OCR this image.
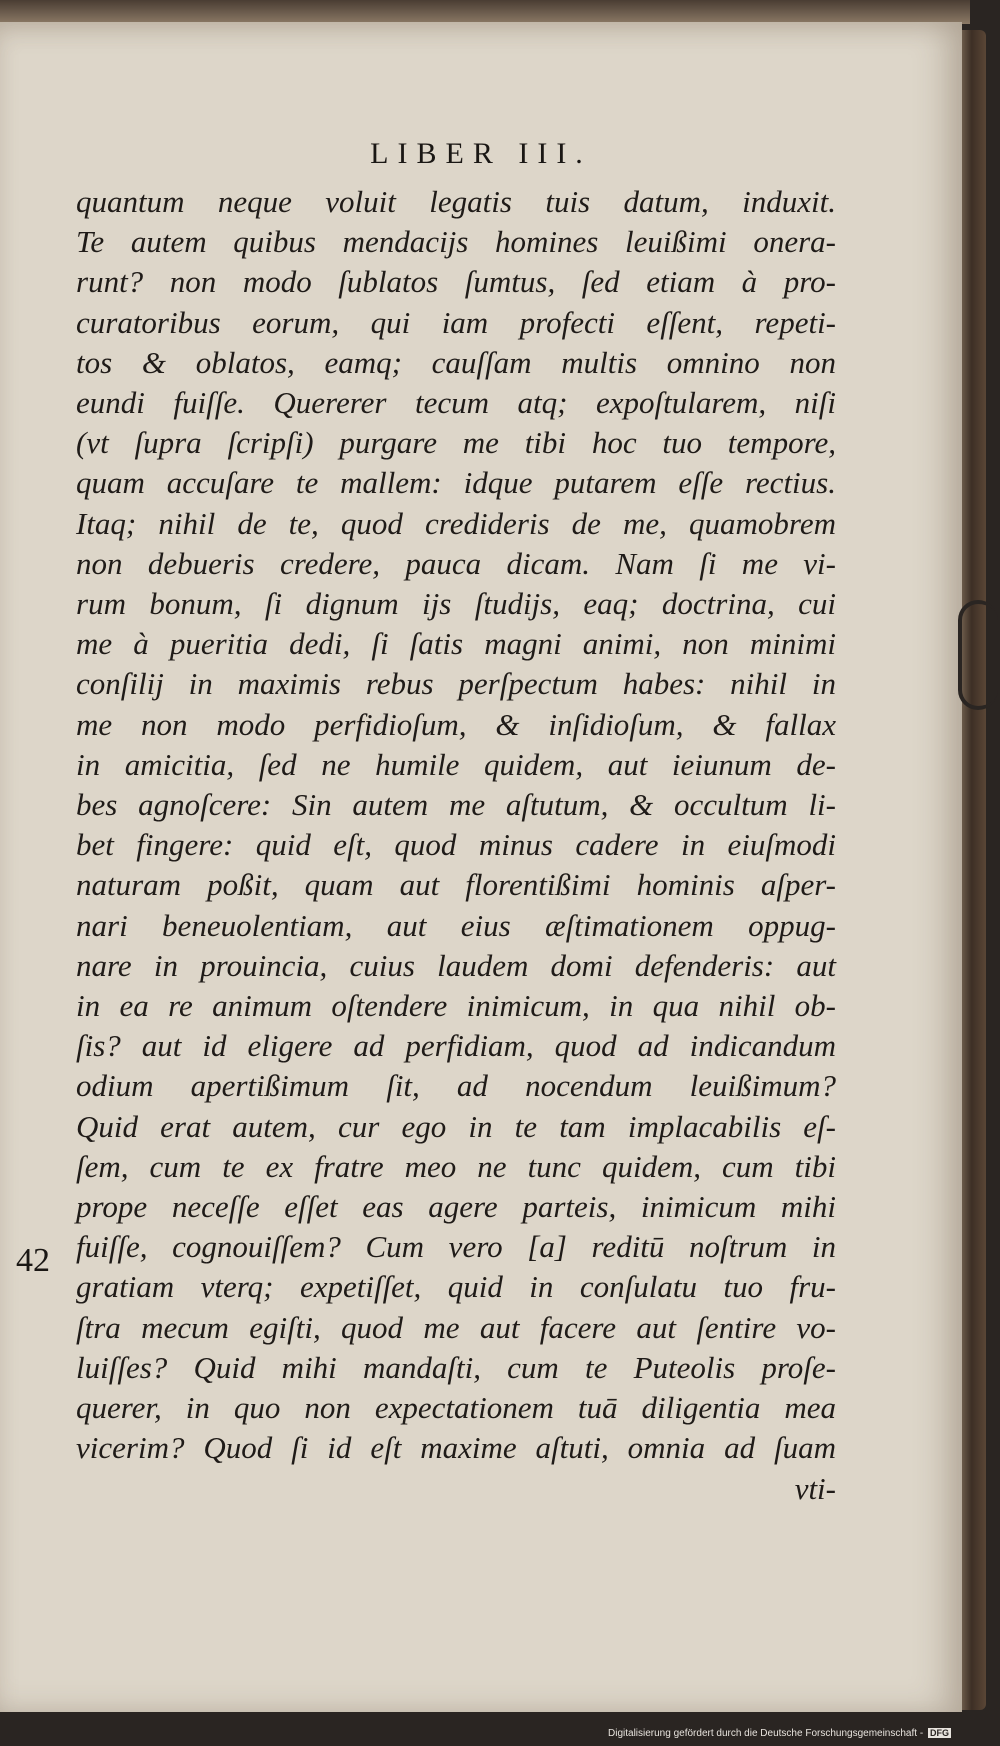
LIBER III.
quantum neque voluit legatis tuis datum, induxit.
Te autem quibus mendacijs homines leuißimi onera-
runt? non modo ſublatos ſumtus, ſed etiam à pro-
curatoribus eorum, qui iam profecti eſſent, repeti-
tos & oblatos, eamq; cauſſam multis omnino non
eundi fuiſſe. Quererer tecum atq; expoſtularem, niſi
(vt ſupra ſcripſi) purgare me tibi hoc tuo tempore,
quam accuſare te mallem: idque putarem eſſe rectius.
Itaq; nihil de te, quod credideris de me, quamobrem
non debueris credere, pauca dicam. Nam ſi me vi-
rum bonum, ſi dignum ijs ſtudijs, eaq; doctrina, cui
me à pueritia dedi, ſi ſatis magni animi, non minimi
conſilij in maximis rebus perſpectum habes: nihil in
me non modo perfidioſum, & inſidioſum, & fallax
in amicitia, ſed ne humile quidem, aut ieiunum de-
bes agnoſcere: Sin autem me aſtutum, & occultum li-
bet fingere: quid eſt, quod minus cadere in eiuſmodi
naturam poßit, quam aut florentißimi hominis aſper-
nari beneuolentiam, aut eius æſtimationem oppug-
nare in prouincia, cuius laudem domi defenderis: aut
in ea re animum oſtendere inimicum, in qua nihil ob-
ſis? aut id eligere ad perfidiam, quod ad indicandum
odium apertißimum ſit, ad nocendum leuißimum?
Quid erat autem, cur ego in te tam implacabilis eſ-
ſem, cum te ex fratre meo ne tunc quidem, cum tibi
prope neceſſe eſſet eas agere parteis, inimicum mihi
fuiſſe, cognouiſſem? Cum vero [a] reditū noſtrum in
gratiam vterq; expetiſſet, quid in conſulatu tuo fru-
ſtra mecum egiſti, quod me aut facere aut ſentire vo-
luiſſes? Quid mihi mandaſti, cum te Puteolis proſe-
querer, in quo non expectationem tuā diligentia mea
vicerim? Quod ſi id eſt maxime aſtuti, omnia ad ſuam
vti-
42
Digitalisierung gefördert durch die Deutsche Forschungsgemeinschaft - DFG
